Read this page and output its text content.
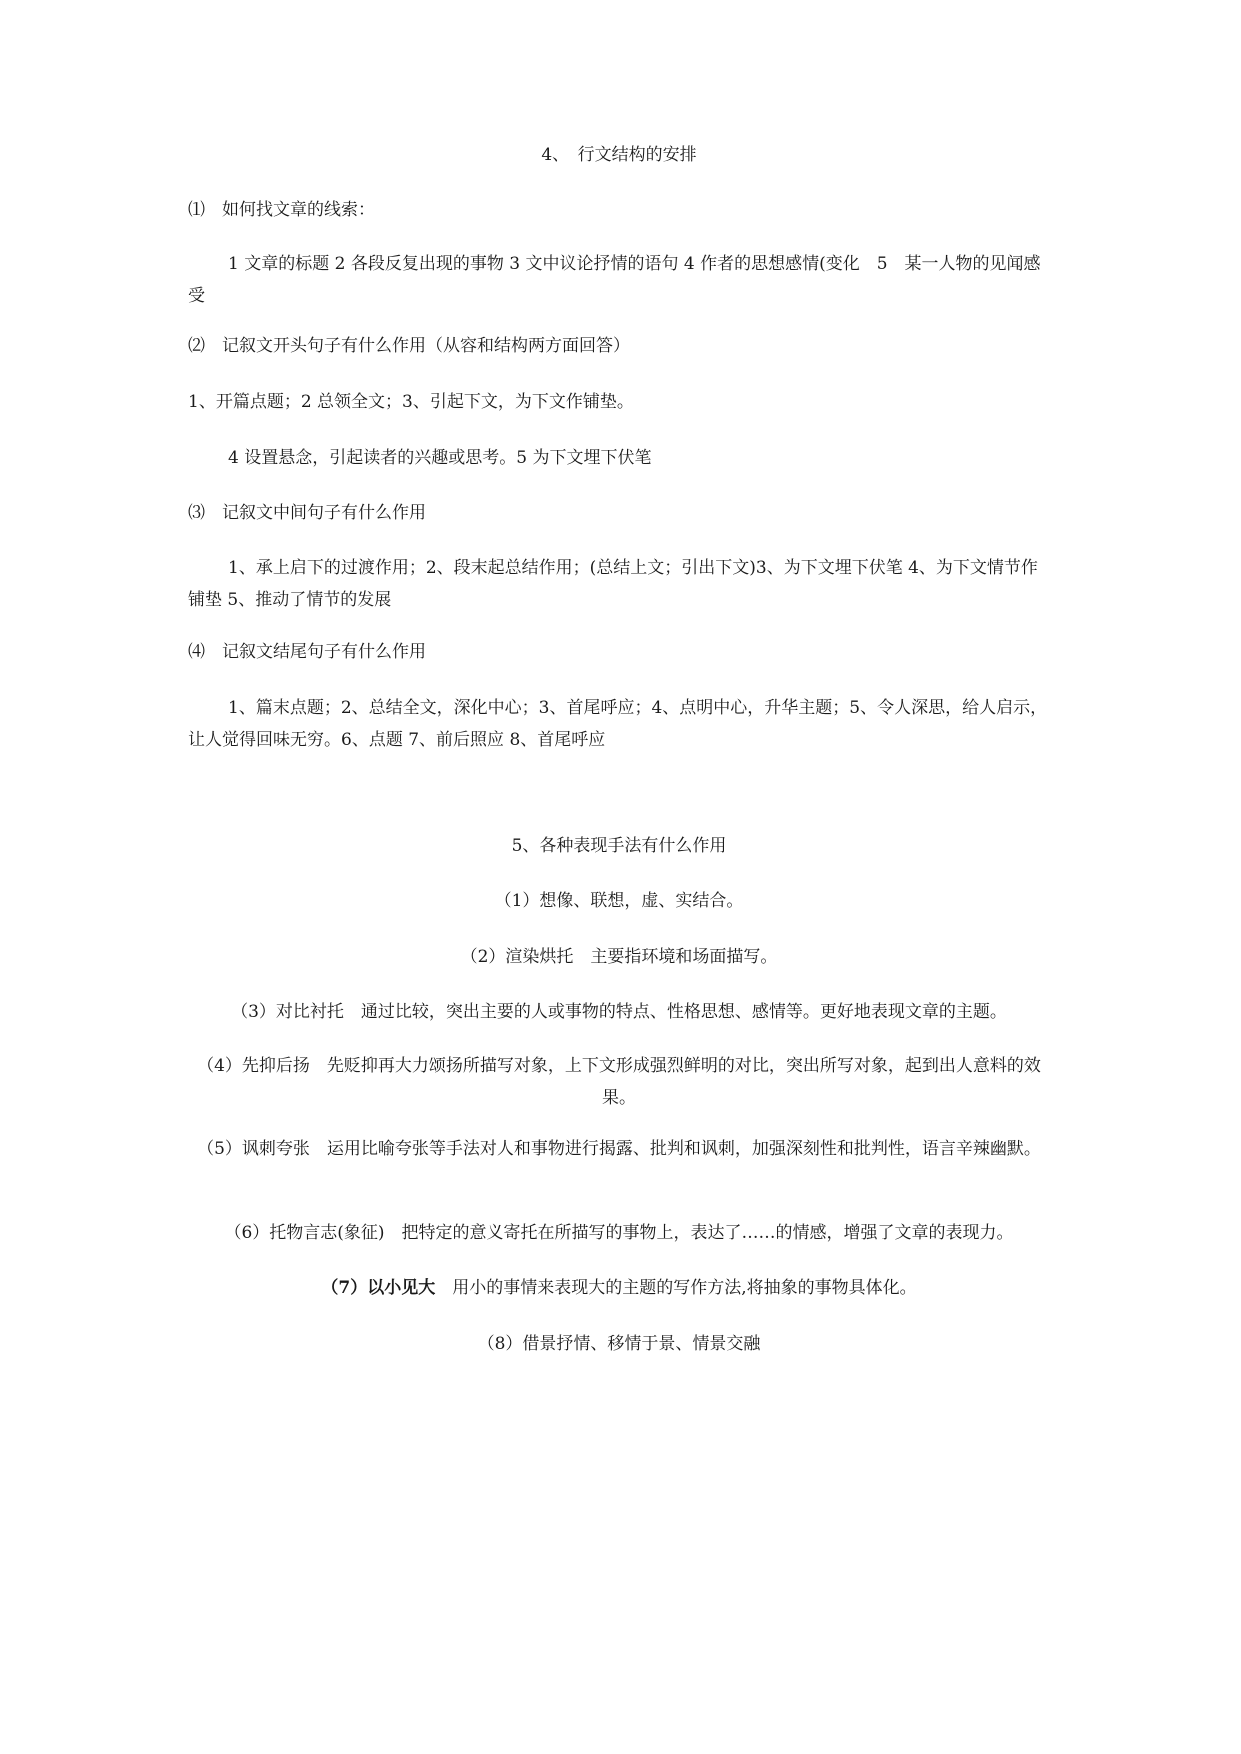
4、　行文结构的安排
⑴　如何找文章的线索：
1 文章的标题 2 各段反复出现的事物 3 文中议论抒情的语句 4 作者的思想感情(变化　5　某一人物的见闻感受
⑵　记叙文开头句子有什么作用（从容和结构两方面回答）
1、开篇点题；2 总领全文；3、引起下文，为下文作铺垫。
4 设置悬念，引起读者的兴趣或思考。5 为下文埋下伏笔
⑶　记叙文中间句子有什么作用
1、承上启下的过渡作用；2、段末起总结作用；(总结上文；引出下文)3、为下文埋下伏笔 4、为下文情节作铺垫 5、推动了情节的发展
⑷　记叙文结尾句子有什么作用
1、篇末点题；2、总结全文，深化中心；3、首尾呼应；4、点明中心，升华主题；5、令人深思，给人启示，让人觉得回味无穷。6、点题 7、前后照应 8、首尾呼应
5、各种表现手法有什么作用
（1）想像、联想，虚、实结合。
（2）渲染烘托　主要指环境和场面描写。
（3）对比衬托　通过比较，突出主要的人或事物的特点、性格思想、感情等。更好地表现文章的主题。
（4）先抑后扬　先贬抑再大力颂扬所描写对象，上下文形成强烈鲜明的对比，突出所写对象，起到出人意料的效果。
（5）讽刺夸张　运用比喻夸张等手法对人和事物进行揭露、批判和讽刺，加强深刻性和批判性，语言辛辣幽默。
（6）托物言志(象征)　把特定的意义寄托在所描写的事物上，表达了……的情感，增强了文章的表现力。
（7）以小见大　用小的事情来表现大的主题的写作方法,将抽象的事物具体化。
（8）借景抒情、移情于景、情景交融
